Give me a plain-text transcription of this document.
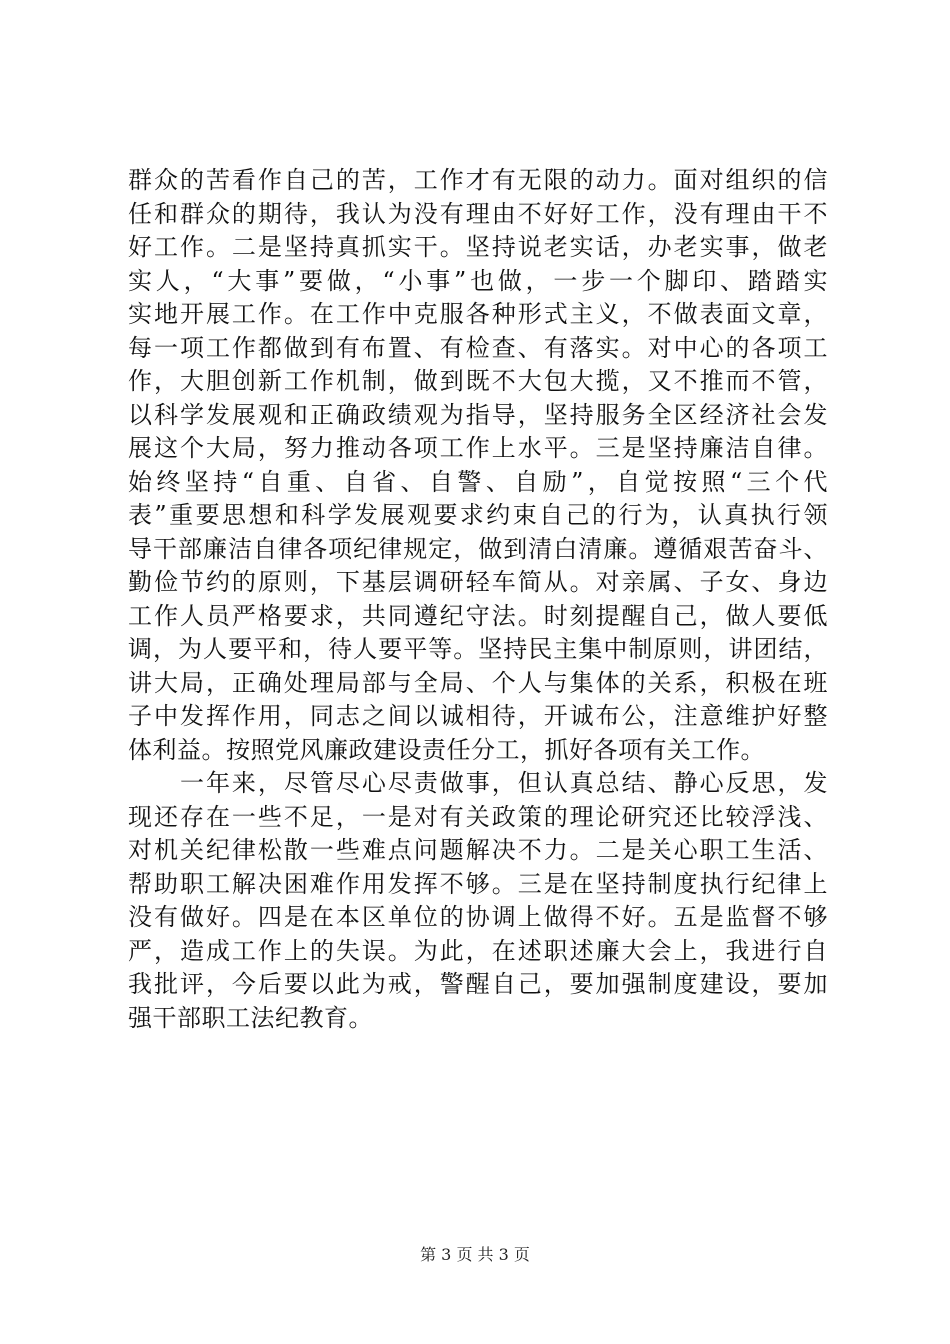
群众的苦看作自己的苦，工作才有无限的动力。面对组织的信
任和群众的期待，我认为没有理由不好好工作，没有理由干不
好工作。二是坚持真抓实干。坚持说老实话，办老实事，做老
实人，“大事”要做，“小事”也做，一步一个脚印、踏踏实
实地开展工作。在工作中克服各种形式主义，不做表面文章，
每一项工作都做到有布置、有检查、有落实。对中心的各项工
作，大胆创新工作机制，做到既不大包大揽，又不推而不管，
以科学发展观和正确政绩观为指导，坚持服务全区经济社会发
展这个大局，努力推动各项工作上水平。三是坚持廉洁自律。
始终坚持“自重、自省、自警、自励”，自觉按照“三个代
表”重要思想和科学发展观要求约束自己的行为，认真执行领
导干部廉洁自律各项纪律规定，做到清白清廉。遵循艰苦奋斗、
勤俭节约的原则，下基层调研轻车简从。对亲属、子女、身边
工作人员严格要求，共同遵纪守法。时刻提醒自己，做人要低
调，为人要平和，待人要平等。坚持民主集中制原则，讲团结，
讲大局，正确处理局部与全局、个人与集体的关系，积极在班
子中发挥作用，同志之间以诚相待，开诚布公，注意维护好整
体利益。按照党风廉政建设责任分工，抓好各项有关工作。
　　一年来，尽管尽心尽责做事，但认真总结、静心反思，发
现还存在一些不足，一是对有关政策的理论研究还比较浮浅、
对机关纪律松散一些难点问题解决不力。二是关心职工生活、
帮助职工解决困难作用发挥不够。三是在坚持制度执行纪律上
没有做好。四是在本区单位的协调上做得不好。五是监督不够
严，造成工作上的失误。为此，在述职述廉大会上，我进行自
我批评，今后要以此为戒，警醒自己，要加强制度建设，要加
强干部职工法纪教育。
第 3 页 共 3 页
